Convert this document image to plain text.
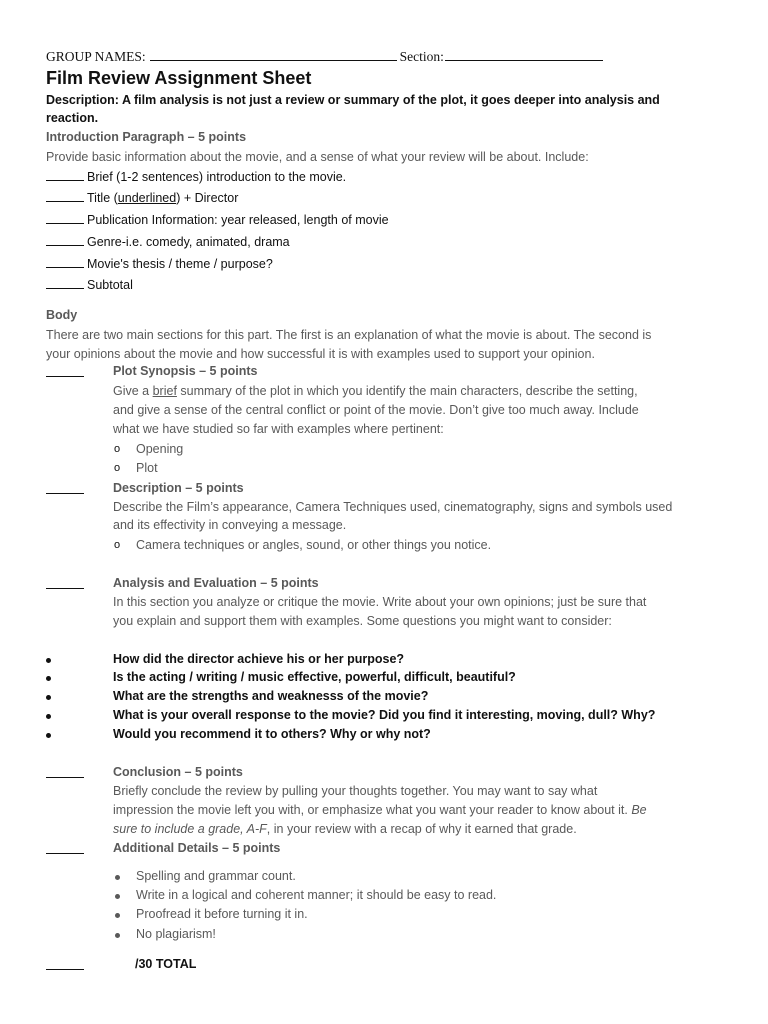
GROUP NAMES:	Section:
Film Review Assignment Sheet
Description: A film analysis is not just a review or summary of the plot, it goes deeper into analysis and
reaction.
Introduction Paragraph – 5 points
Provide basic information about the movie, and a sense of what your review will be about. Include:
Brief (1-2 sentences) introduction to the movie.
Title (underlined) + Director
Publication Information: year released, length of movie
Genre-i.e. comedy, animated, drama
Movie's thesis / theme / purpose?
Subtotal
Body
There are two main sections for this part. The first is an explanation of what the movie is about. The second is
your opinions about the movie and how successful it is with examples used to support your opinion.
Plot Synopsis – 5 points
Give a brief summary of the plot in which you identify the main characters, describe the setting,
and give a sense of the central conflict or point of the movie. Don’t give too much away. Include
what we have studied so far with examples where pertinent:
o Opening
o Plot
Description – 5 points
Describe the Film’s appearance, Camera Techniques used, cinematography, signs and symbols used
and its effectivity in conveying a message.
o Camera techniques or angles, sound, or other things you notice.
Analysis and Evaluation – 5 points
In this section you analyze or critique the movie. Write about your own opinions; just be sure that
you explain and support them with examples. Some questions you might want to consider:
How did the director achieve his or her purpose?
Is the acting / writing / music effective, powerful, difficult, beautiful?
What are the strengths and weaknesss of the movie?
What is your overall response to the movie? Did you find it interesting, moving, dull? Why?
Would you recommend it to others? Why or why not?
Conclusion – 5 points
Briefly conclude the review by pulling your thoughts together. You may want to say what
impression the movie left you with, or emphasize what you want your reader to know about it. Be
sure to include a grade, A-F, in your review with a recap of why it earned that grade.
Additional Details – 5 points
Spelling and grammar count.
Write in a logical and coherent manner; it should be easy to read.
Proofread it before turning it in.
No plagiarism!
/30 TOTAL
